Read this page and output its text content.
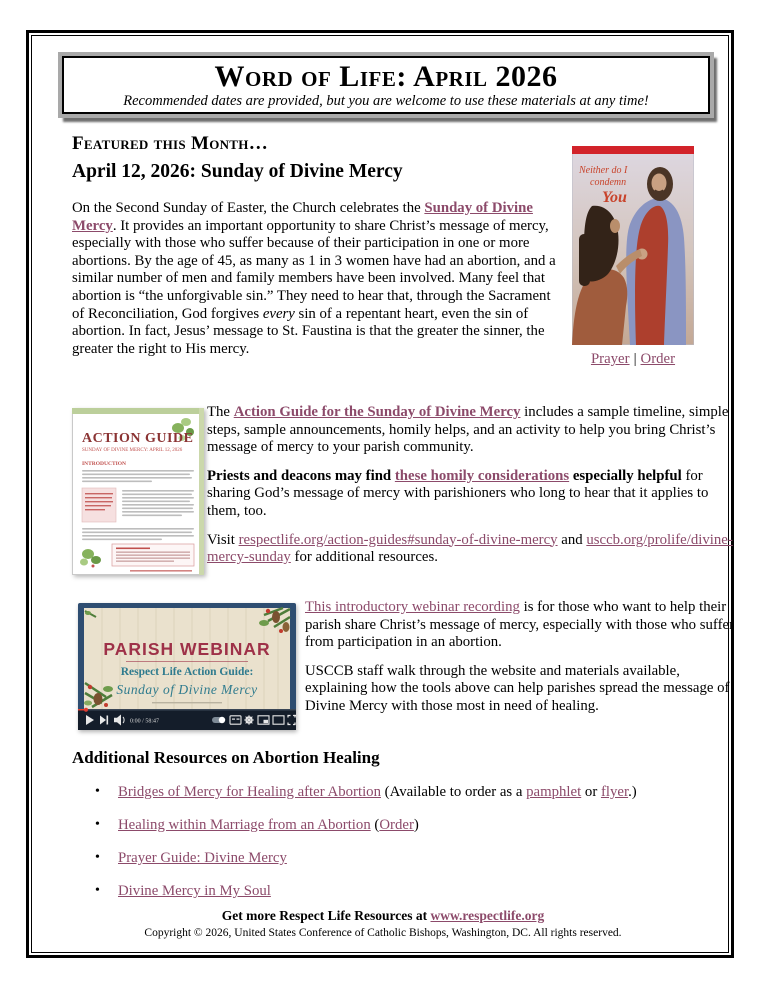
Word of Life: April 2026
Recommended dates are provided, but you are welcome to use these materials at any time!
Featured this Month…
April 12, 2026: Sunday of Divine Mercy
On the Second Sunday of Easter, the Church celebrates the Sunday of Divine Mercy. It provides an important opportunity to share Christ’s message of mercy, especially with those who suffer because of their participation in one or more abortions. By the age of 45, as many as 1 in 3 women have had an abortion, and a similar number of men and family members have been involved. Many feel that abortion is “the unforgivable sin.” They need to hear that, through the Sacrament of Reconciliation, God forgives every sin of a repentant heart, even the sin of abortion. In fact, Jesus’ message to St. Faustina is that the greater the sinner, the greater the right to His mercy.
Neither do I
condemn
You
Prayer | Order
ACTION GUIDE
SUNDAY OF DIVINE MERCY: APRIL 12, 2026
INTRODUCTION

The Action Guide for the Sunday of Divine Mercy includes a sample timeline, simple steps, sample announcements, homily helps, and an activity to help you bring Christ’s message of mercy to your parish community.

Priests and deacons may find these homily considerations especially helpful for sharing God’s message of mercy with parishioners who long to hear that it applies to them, too.

Visit respectlife.org/action-guides#sunday-of-divine-mercy and usccb.org/prolife/divine-mercy-sunday for additional resources.

PARISH WEBINAR
Respect Life Action Guide:
Sunday of Divine Mercy
0:00 / 58:47

This introductory webinar recording is for those who want to help their parish share Christ’s message of mercy, especially with those who suffer from participation in an abortion.

USCCB staff walk through the website and materials available, explaining how the tools above can help parishes spread the message of Divine Mercy with those most in need of healing.

Additional Resources on Abortion Healing
•	Bridges of Mercy for Healing after Abortion (Available to order as a pamphlet or flyer.)
•	Healing within Marriage from an Abortion (Order)
•	Prayer Guide: Divine Mercy
•	Divine Mercy in My Soul
Get more Respect Life Resources at www.respectlife.org
Copyright © 2026, United States Conference of Catholic Bishops, Washington, DC. All rights reserved.
